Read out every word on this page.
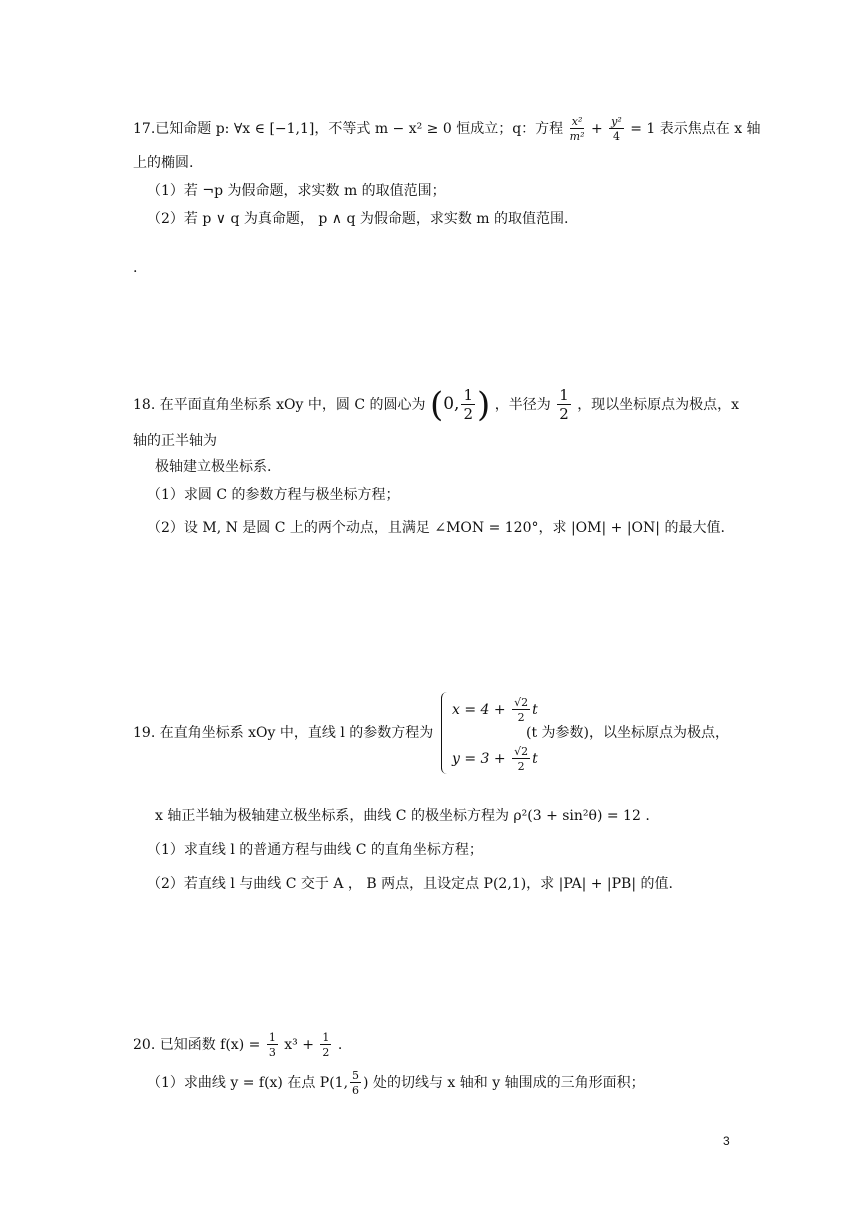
17.已知命题 p: ∀x ∈ [−1,1]，不等式 m − x² ≥ 0 恒成立；q：方程 $\frac{\text{x²}}{\text{m²}} + \frac{\text{y²}}{4} = 1$ 表示焦点在 x 轴
上的椭圆.
（1）若 ¬p 为假命题，求实数 m 的取值范围；
（2）若 p ∨ q 为真命题， p ∧ q 为假命题，求实数 m 的取值范围.
.
18. 在平面直角坐标系 xOy 中，圆 C 的圆心为 (0, $\frac{1}{2}$ ) ，半径为 $\frac{1}{2}$ ，现以坐标原点为极点，x
轴的正半轴为
极轴建立极坐标系.
（1）求圆 C 的参数方程与极坐标方程；
（2）设 M, N 是圆 C 上的两个动点，且满足 ∠MON = 120°，求 |OM| + |ON| 的最大值.
19. 在直角坐标系 xOy 中，直线 l 的参数方程为
$x = 4 + \frac{√2}{2}$ t
$y = 3 + \frac{√2}{2}$ t
(t 为参数)，以坐标原点为极点，
x 轴正半轴为极轴建立极坐标系，曲线 C 的极坐标方程为 ρ²(3 + sin²θ) = 12 .
（1）求直线 l 的普通方程与曲线 C 的直角坐标方程；
（2）若直线 l 与曲线 C 交于 A ， B 两点，且设定点 P(2,1)，求 |PA| + |PB| 的值.
20. 已知函数 $f(x) = \frac{1}{3} x^3 + \frac{1}{2}$ .
（1）求曲线 y = f(x) 在点 P(1, $\frac{5}{6}$ ) 处的切线与 x 轴和 y 轴围成的三角形面积；
3
